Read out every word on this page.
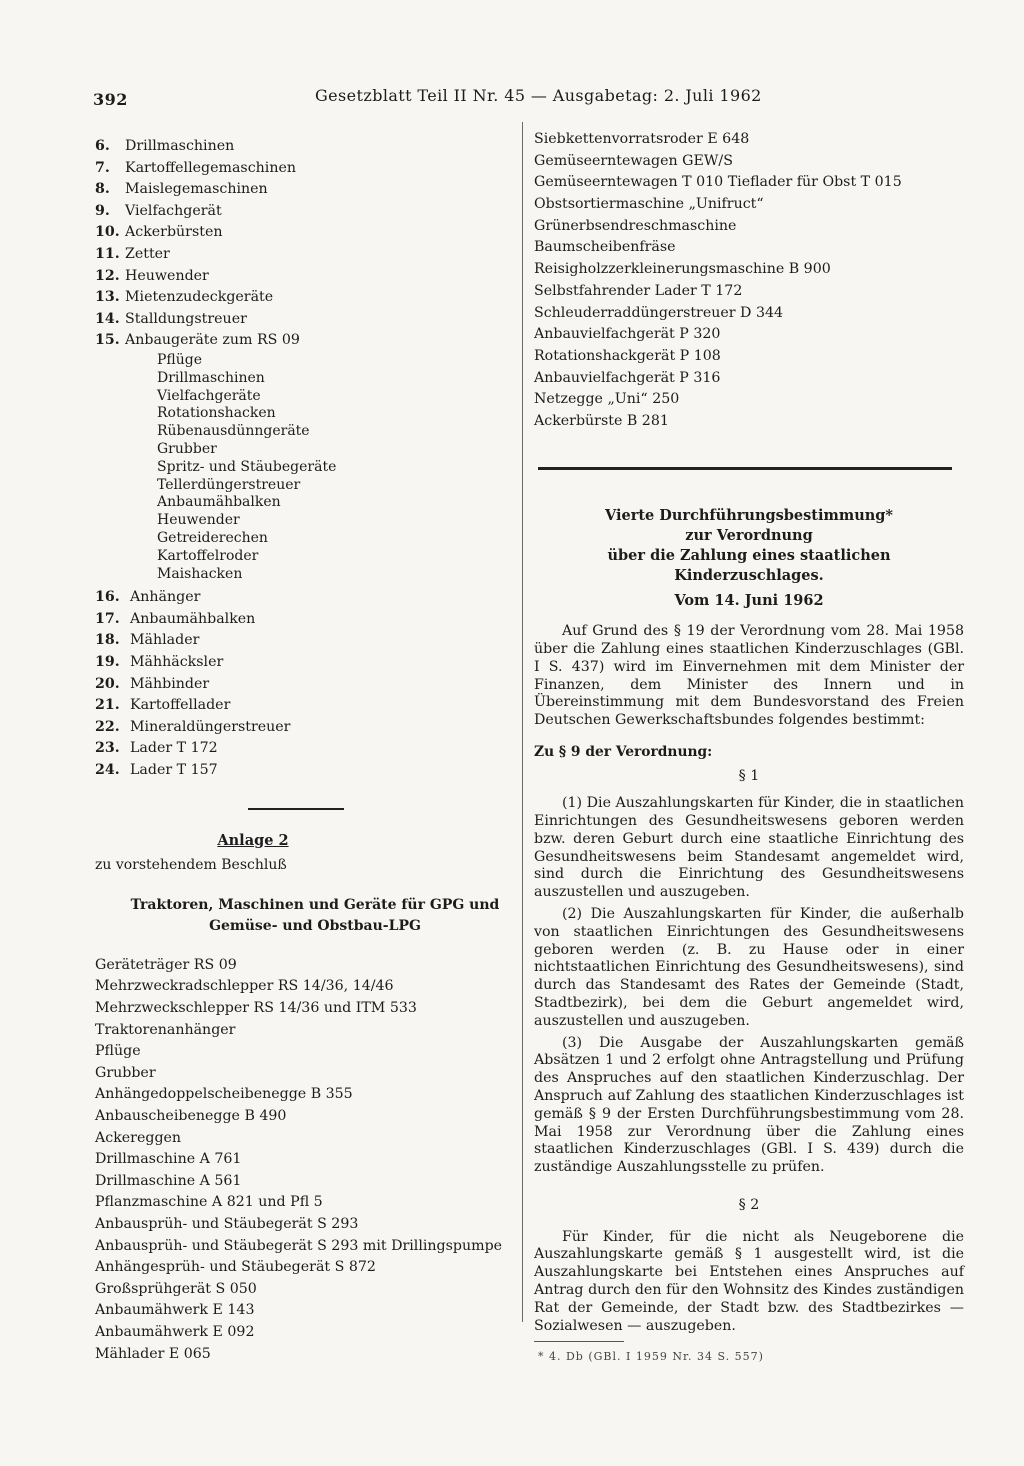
392	Gesetzblatt Teil II Nr. 45 — Ausgabetag: 2. Juli 1962
6.	Drillmaschinen
7.	Kartoffellegemaschinen
8.	Maislegemaschinen
9.	Vielfachgerät
10. Ackerbürsten
11. Zetter
12. Heuwender
13. Mietenzudeckgeräte
14. Stalldungstreuer
15. Anbaugeräte zum RS 09
Pflüge
Drillmaschinen
Vielfachgeräte
Rotationshacken
Rübenausdünngeräte
Grubber
Spritz- und Stäubegeräte
Tellerdüngerstreuer
Anbaumähbalken
Heuwender
Getreiderechen
Kartoffelroder
Maishacken
16. Anhänger
17. Anbaumähbalken
18. Mählader
19. Mähhäcksler
20. Mähbinder
21. Kartoffellader
22. Mineraldüngerstreuer
23. Lader T 172
24. Lader T 157
Anlage 2
zu vorstehendem Beschluß
Traktoren, Maschinen und Geräte für GPG und
Gemüse- und Obstbau-LPG
Geräteträger RS 09
Mehrzweckradschlepper RS 14/36, 14/46
Mehrzweckschlepper RS 14/36 und ITM 533
Traktorenanhänger
Pflüge
Grubber
Anhängedoppelscheibenegge B 355
Anbauscheibenegge B 490
Ackereggen
Drillmaschine A 761
Drillmaschine A 561
Pflanzmaschine A 821 und Pfl 5
Anbausprüh- und Stäubegerät S 293
Anbausprüh- und Stäubegerät S 293 mit Drillingspumpe
Anhängesprüh- und Stäubegerät S 872
Großsprühgerät S 050
Anbaumähwerk E 143
Anbaumähwerk E 092
Mählader E 065
Siebkettenvorratsroder E 648
Gemüseerntewagen GEW/S
Gemüseerntewagen T 010 Tieflader für Obst T 015
Obstsortiermaschine „Unifruct“
Grünerbsendreschmaschine
Baumscheibenfräse
Reisigholzzerkleinerungsmaschine B 900
Selbstfahrender Lader T 172
Schleuderraddüngerstreuer D 344
Anbauvielfachgerät P 320
Rotationshackgerät P 108
Anbauvielfachgerät P 316
Netzegge „Uni“ 250
Ackerbürste B 281
Vierte Durchführungsbestimmung*
zur Verordnung
über die Zahlung eines staatlichen Kinderzuschlages.
Vom 14. Juni 1962
Auf Grund des § 19 der Verordnung vom 28. Mai 1958 über die Zahlung eines staatlichen Kinderzuschlages (GBl. I S. 437) wird im Einvernehmen mit dem Minister der Finanzen, dem Minister des Innern und in Übereinstimmung mit dem Bundesvorstand des Freien Deutschen Gewerkschaftsbundes folgendes bestimmt:
Zu § 9 der Verordnung:
§ 1
(1) Die Auszahlungskarten für Kinder, die in staatlichen Einrichtungen des Gesundheitswesens geboren werden bzw. deren Geburt durch eine staatliche Einrichtung des Gesundheitswesens beim Standesamt angemeldet wird, sind durch die Einrichtung des Gesundheitswesens auszustellen und auszugeben.
(2) Die Auszahlungskarten für Kinder, die außerhalb von staatlichen Einrichtungen des Gesundheitswesens geboren werden (z. B. zu Hause oder in einer nichtstaatlichen Einrichtung des Gesundheitswesens), sind durch das Standesamt des Rates der Gemeinde (Stadt, Stadtbezirk), bei dem die Geburt angemeldet wird, auszustellen und auszugeben.
(3) Die Ausgabe der Auszahlungskarten gemäß Absätzen 1 und 2 erfolgt ohne Antragstellung und Prüfung des Anspruches auf den staatlichen Kinderzuschlag. Der Anspruch auf Zahlung des staatlichen Kinderzuschlages ist gemäß § 9 der Ersten Durchführungsbestimmung vom 28. Mai 1958 zur Verordnung über die Zahlung eines staatlichen Kinderzuschlages (GBl. I S. 439) durch die zuständige Auszahlungsstelle zu prüfen.
§ 2
Für Kinder, für die nicht als Neugeborene die Auszahlungskarte gemäß § 1 ausgestellt wird, ist die Auszahlungskarte bei Entstehen eines Anspruches auf Antrag durch den für den Wohnsitz des Kindes zuständigen Rat der Gemeinde, der Stadt bzw. des Stadtbezirkes — Sozialwesen — auszugeben.
* 4. Db (GBl. I 1959 Nr. 34 S. 557)
